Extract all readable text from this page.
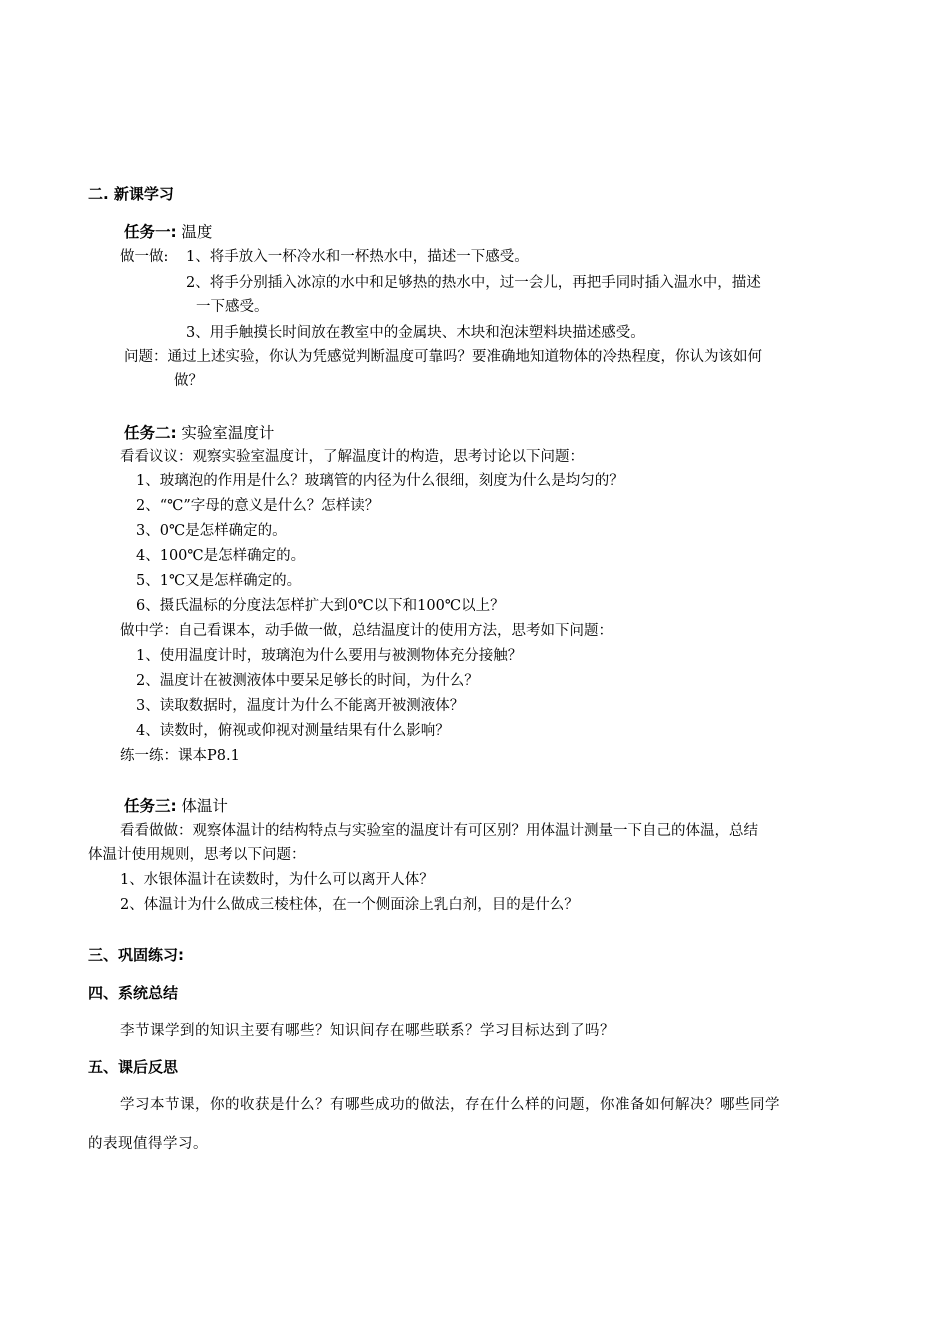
二. 新课学习
任务一: 温度
做一做: 1、将手放入一杯冷水和一杯热水中，描述一下感受。
2、将手分别插入冰凉的水中和足够热的热水中，过一会儿，再把手同时插入温水中，描述
一下感受。
3、用手触摸长时间放在教室中的金属块、木块和泡沫塑料块描述感受。
问题：通过上述实验，你认为凭感觉判断温度可靠吗？要准确地知道物体的冷热程度，你认为该如何
做？
任务二: 实验室温度计
看看议议：观察实验室温度计，了解温度计的构造，思考讨论以下问题：
1、玻璃泡的作用是什么？玻璃管的内径为什么很细，刻度为什么是均匀的？
2、“℃”字母的意义是什么？怎样读？
3、0℃是怎样确定的。
4、100℃是怎样确定的。
5、1℃又是怎样确定的。
6、摄氏温标的分度法怎样扩大到0℃以下和100℃以上？
做中学：自己看课本，动手做一做，总结温度计的使用方法，思考如下问题：
1、使用温度计时，玻璃泡为什么要用与被测物体充分接触？
2、温度计在被测液体中要呆足够长的时间，为什么？
3、读取数据时，温度计为什么不能离开被测液体？
4、读数时，俯视或仰视对测量结果有什么影响？
练一练：课本P8.1
任务三: 体温计
看看做做：观察体温计的结构特点与实验室的温度计有可区别？用体温计测量一下自己的体温，总结
体温计使用规则，思考以下问题：
1、水银体温计在读数时，为什么可以离开人体？
2、体温计为什么做成三棱柱体，在一个侧面涂上乳白剂，目的是什么？
三、巩固练习:
四、系统总结
李节课学到的知识主要有哪些？知识间存在哪些联系？学习目标达到了吗？
五、课后反思
学习本节课，你的收获是什么？有哪些成功的做法，存在什么样的问题，你准备如何解决？哪些同学
的表现值得学习。
